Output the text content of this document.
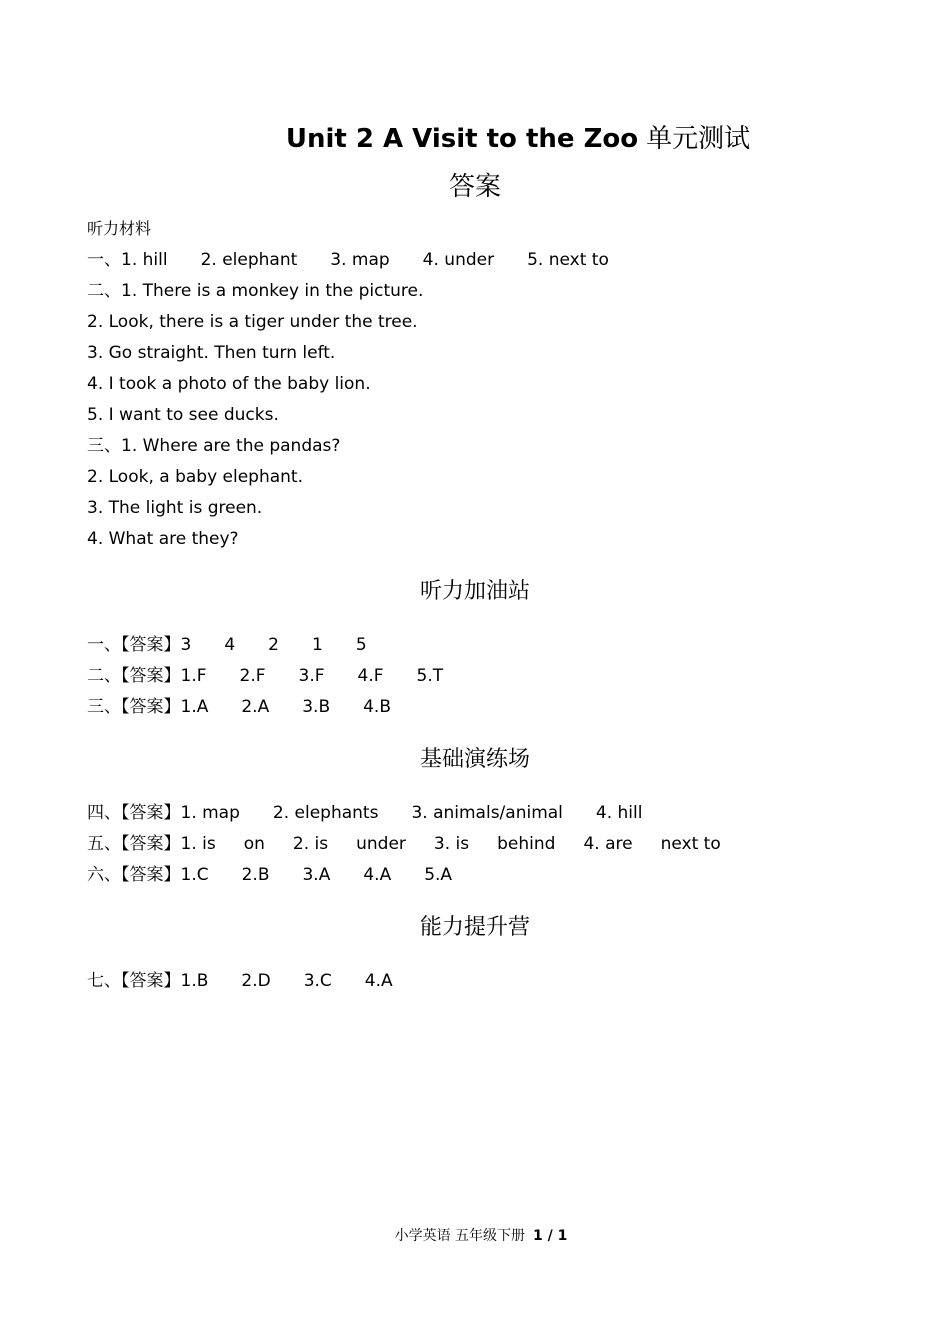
Unit 2 A Visit to the Zoo 单元测试
答案
听力材料
一、1. hill 2. elephant 3. map 4. under 5. next to
二、1. There is a monkey in the picture.
2. Look, there is a tiger under the tree.
3. Go straight. Then turn left.
4. I took a photo of the baby lion.
5. I want to see ducks.
三、1. Where are the pandas?
2. Look, a baby elephant.
3. The light is green.
4. What are they?
听力加油站
一、【答案】3 4 2 1 5
二、【答案】1.F 2.F 3.F 4.F 5.T
三、【答案】1.A 2.A 3.B 4.B
基础演练场
四、【答案】1. map 2. elephants 3. animals/animal 4. hill
五、【答案】1. is on 2. is under 3. is behind 4. are next to
六、【答案】1.C 2.B 3.A 4.A 5.A
能力提升营
七、【答案】1.B 2.D 3.C 4.A
小学英语 五年级下册 1 / 1
